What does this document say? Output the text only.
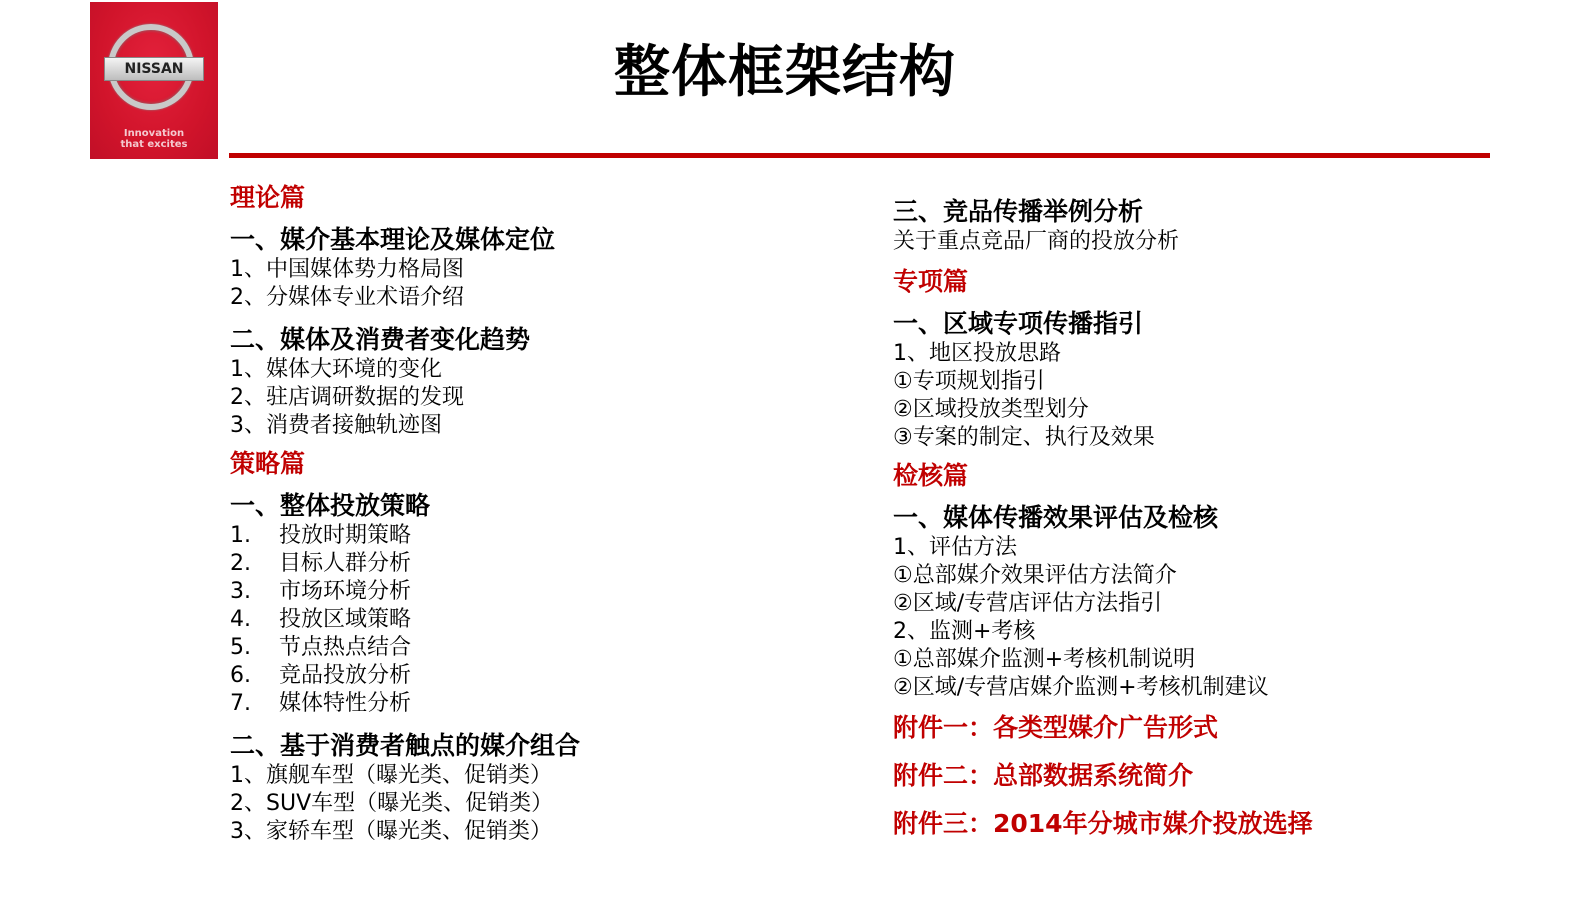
NISSAN
Innovation
that excites
整体框架结构
理论篇
一、媒介基本理论及媒体定位
1、中国媒体势力格局图
2、分媒体专业术语介绍
二、媒体及消费者变化趋势
1、媒体大环境的变化
2、驻店调研数据的发现
3、消费者接触轨迹图
策略篇
一、整体投放策略
1.    投放时期策略
2.    目标人群分析
3.    市场环境分析
4.    投放区域策略
5.    节点热点结合
6.    竞品投放分析
7.    媒体特性分析
二、基于消费者触点的媒介组合
1、旗舰车型（曝光类、促销类）
2、SUV车型（曝光类、促销类）
3、家轿车型（曝光类、促销类）
三、竞品传播举例分析
关于重点竞品厂商的投放分析
专项篇
一、区域专项传播指引
1、地区投放思路
①专项规划指引
②区域投放类型划分
③专案的制定、执行及效果
检核篇
一、媒体传播效果评估及检核
1、评估方法
①总部媒介效果评估方法简介
②区域/专营店评估方法指引
2、监测+考核
①总部媒介监测+考核机制说明
②区域/专营店媒介监测+考核机制建议
附件一：各类型媒介广告形式
附件二：总部数据系统简介
附件三：2014年分城市媒介投放选择
